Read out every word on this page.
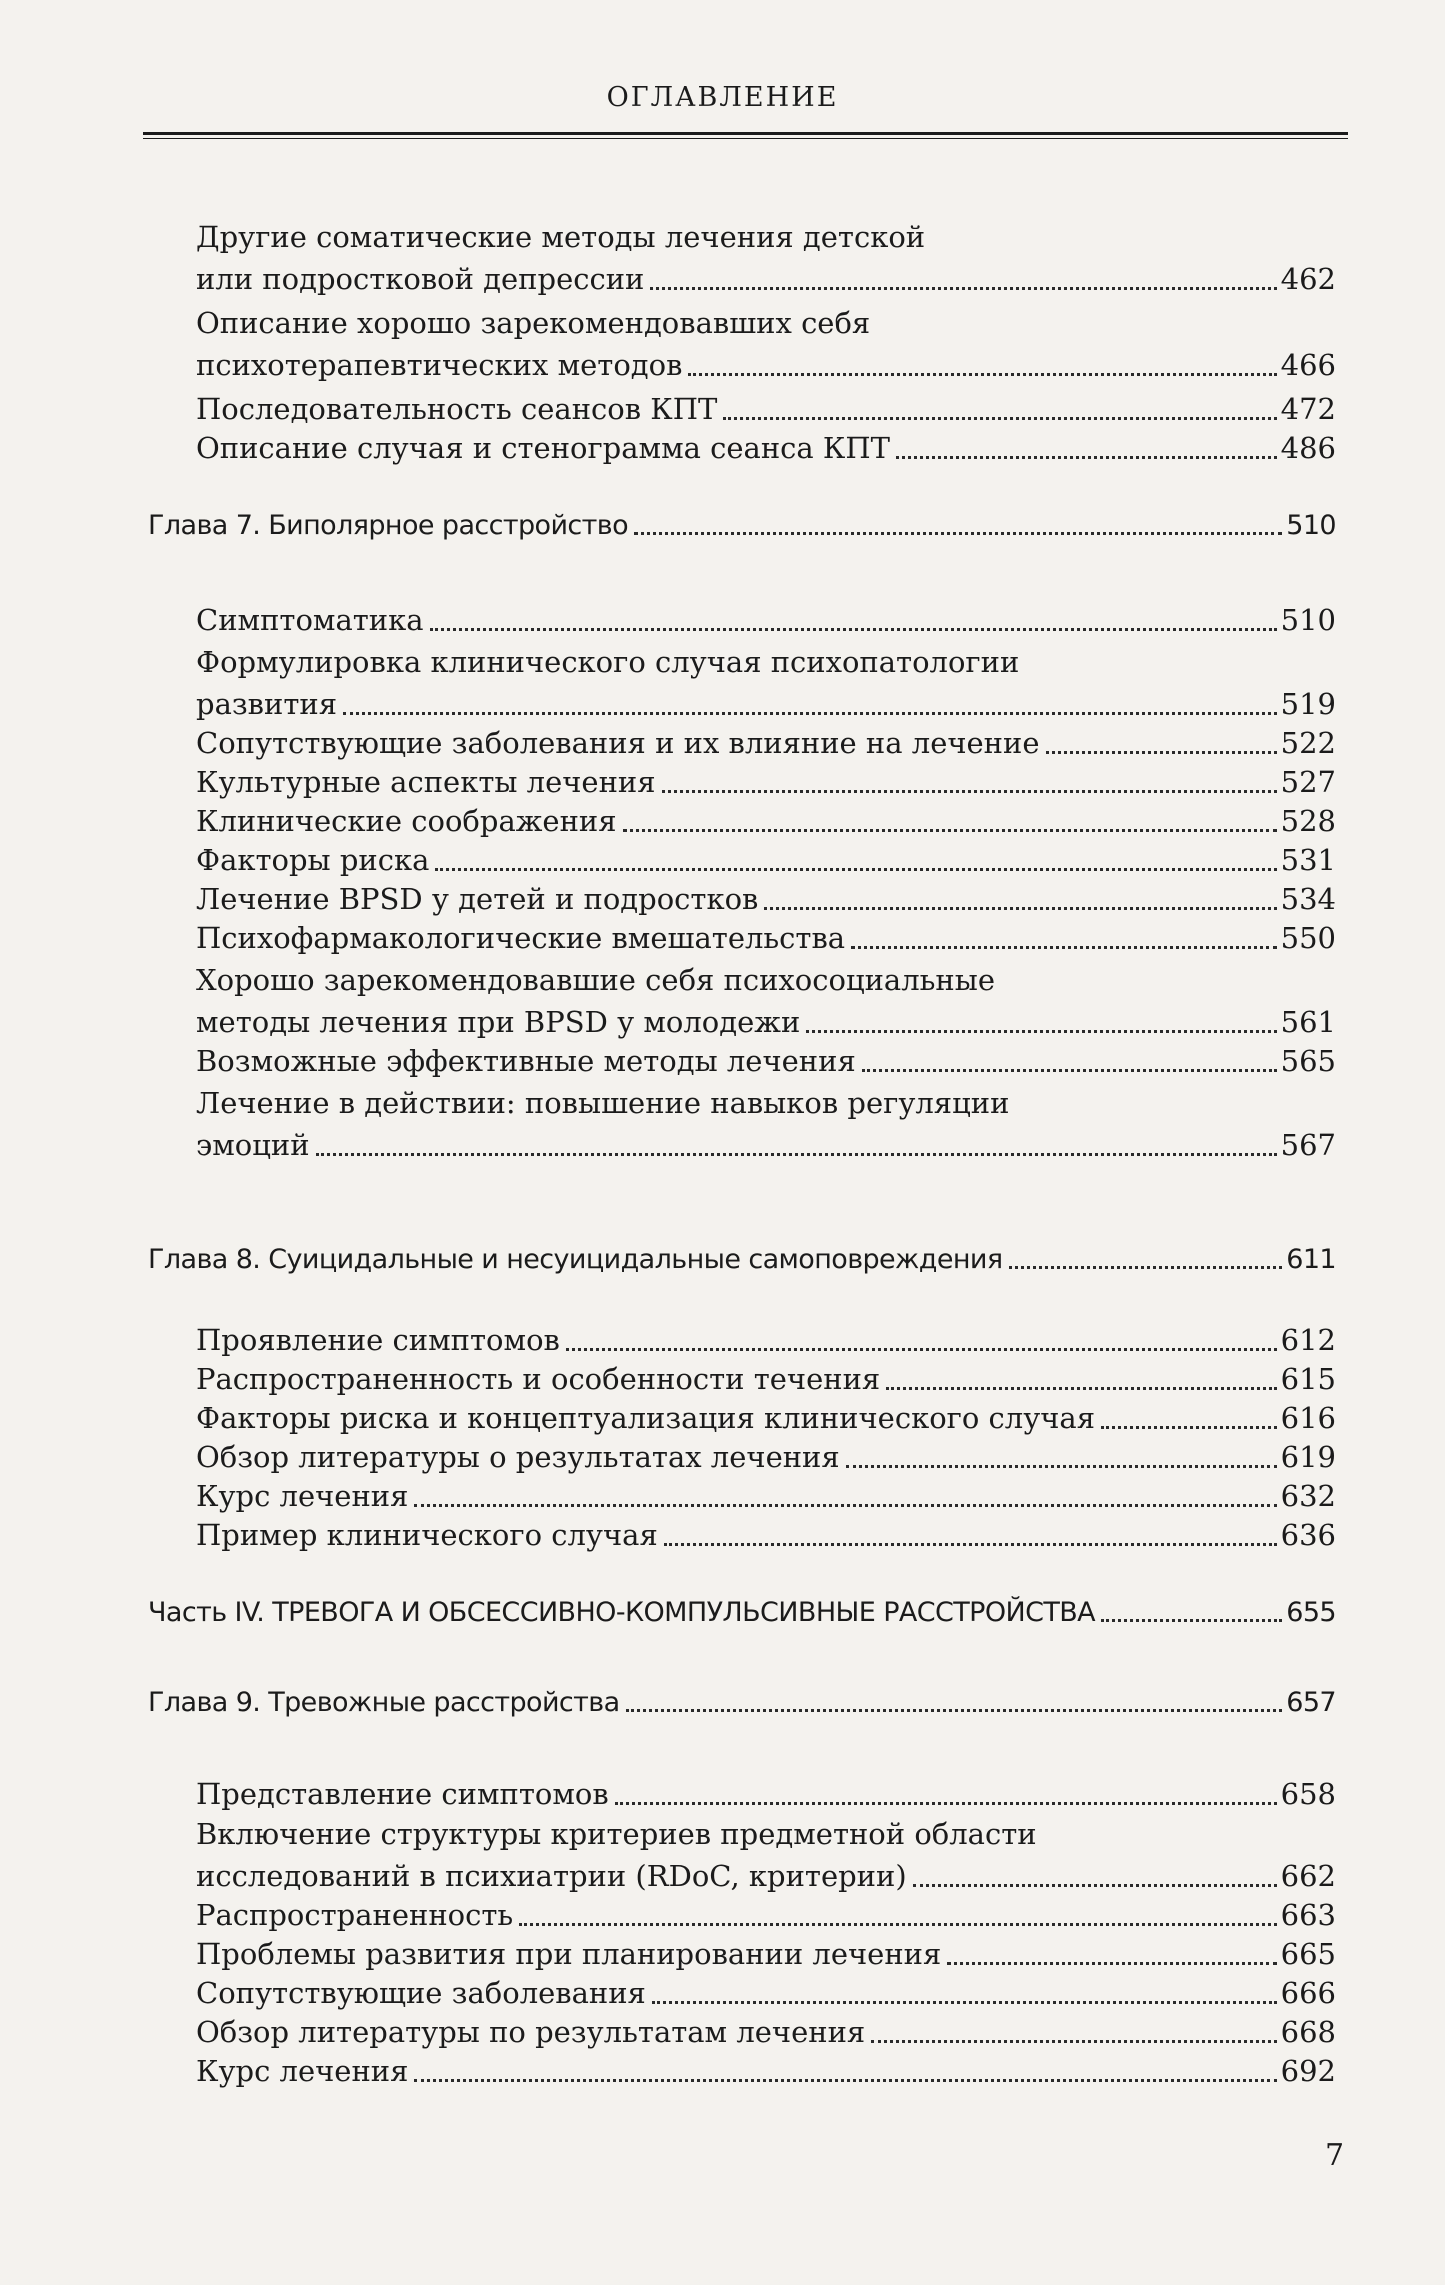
ОГЛАВЛЕНИЕ
Другие соматические методы лечения детской
или подростковой депрессии	462
Описание хорошо зарекомендовавших себя
психотерапевтических методов	466
Последовательность сеансов КПТ	472
Описание случая и стенограмма сеанса КПТ	486
Глава 7. Биполярное расстройство	510
Симптоматика	510
Формулировка клинического случая психопатологии
развития	519
Сопутствующие заболевания и их влияние на лечение	522
Культурные аспекты лечения	527
Клинические соображения	528
Факторы риска	531
Лечение BPSD у детей и подростков	534
Психофармакологические вмешательства	550
Хорошо зарекомендовавшие себя психосоциальные
методы лечения при BPSD у молодежи	561
Возможные эффективные методы лечения	565
Лечение в действии: повышение навыков регуляции
эмоций	567
Глава 8. Суицидальные и несуицидальные самоповреждения	611
Проявление симптомов	612
Распространенность и особенности течения	615
Факторы риска и концептуализация клинического случая	616
Обзор литературы о результатах лечения	619
Курс лечения	632
Пример клинического случая	636
Часть IV. ТРЕВОГА И ОБСЕССИВНО-КОМПУЛЬСИВНЫЕ РАССТРОЙСТВА	655
Глава 9. Тревожные расстройства	657
Представление симптомов	658
Включение структуры критериев предметной области
исследований в психиатрии (RDoC, критерии)	662
Распространенность	663
Проблемы развития при планировании лечения	665
Сопутствующие заболевания	666
Обзор литературы по результатам лечения	668
Курс лечения	692
7
